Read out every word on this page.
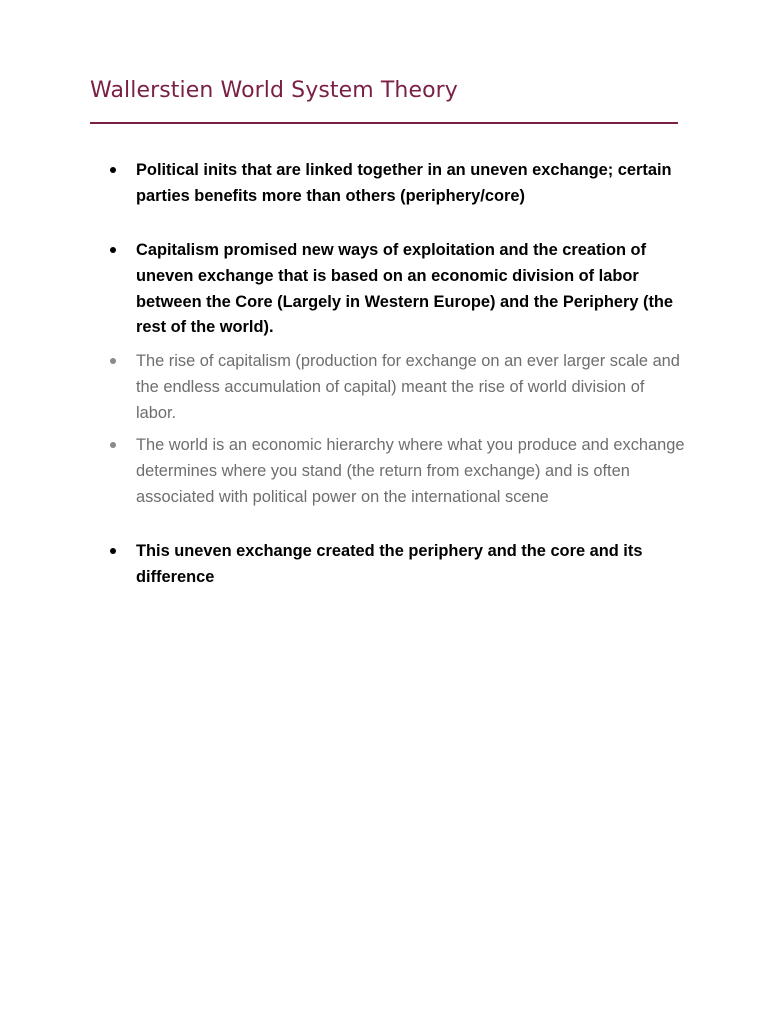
Wallerstien World System Theory
Political inits that are linked together in an uneven exchange; certain parties benefits more than others (periphery/core)
Capitalism promised new ways of exploitation and the creation of uneven exchange that is based on an economic division of labor between the Core (Largely in Western Europe) and the Periphery (the rest of the world).
The rise of capitalism (production for exchange on an ever larger scale and the endless accumulation of capital) meant the rise of world division of labor.
The world is an economic hierarchy where what you produce and exchange determines where you stand (the return from exchange) and is often associated with political power on the international scene
This uneven exchange created the periphery and the core and its difference
